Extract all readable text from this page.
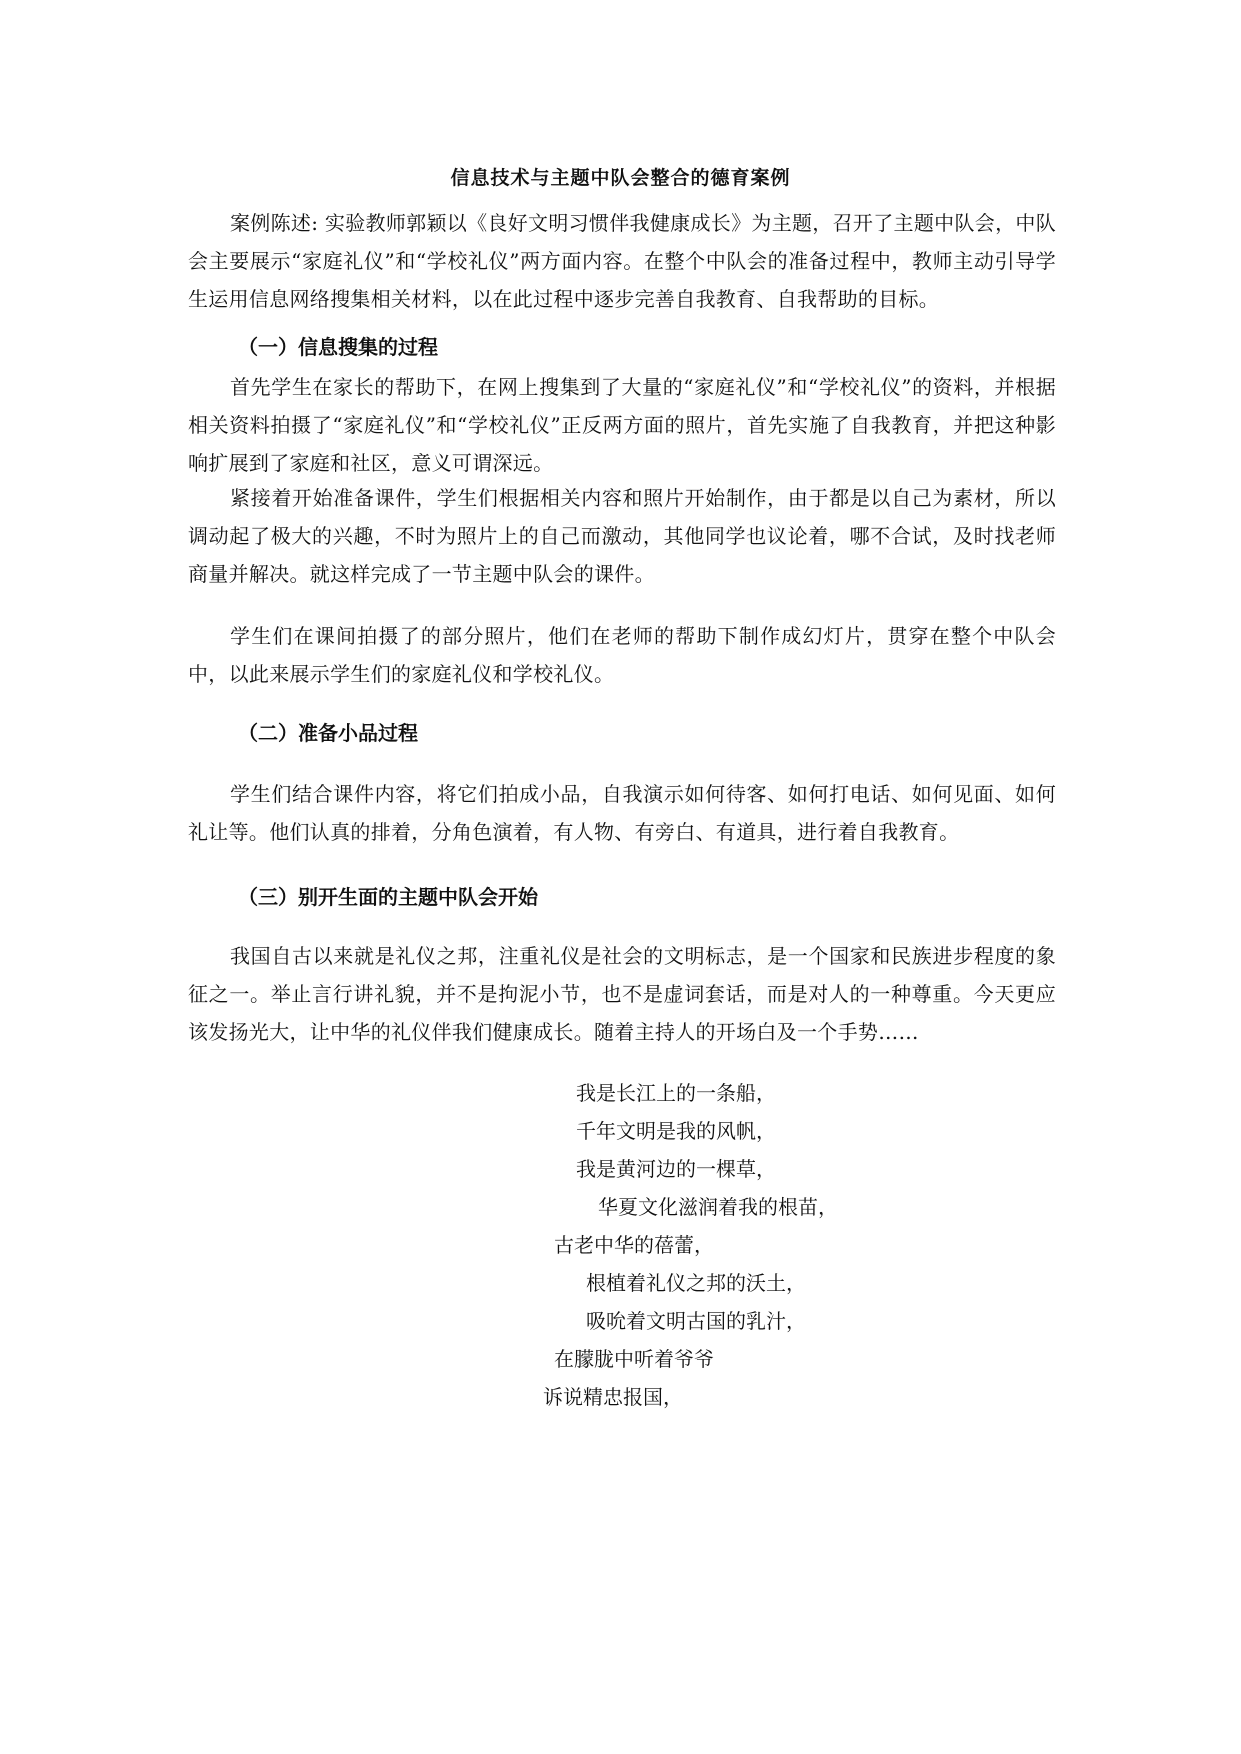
信息技术与主题中队会整合的德育案例
案例陈述: 实验教师郭颖以《良好文明习惯伴我健康成长》为主题，召开了主题中队会，中队会主要展示“家庭礼仪”和“学校礼仪”两方面内容。在整个中队会的准备过程中，教师主动引导学生运用信息网络搜集相关材料，以在此过程中逐步完善自我教育、自我帮助的目标。
（一）信息搜集的过程
首先学生在家长的帮助下，在网上搜集到了大量的“家庭礼仪”和“学校礼仪”的资料，并根据相关资料拍摄了“家庭礼仪”和“学校礼仪”正反两方面的照片，首先实施了自我教育，并把这种影响扩展到了家庭和社区，意义可谓深远。
紧接着开始准备课件，学生们根据相关内容和照片开始制作，由于都是以自己为素材，所以调动起了极大的兴趣，不时为照片上的自己而激动，其他同学也议论着，哪不合试，及时找老师商量并解决。就这样完成了一节主题中队会的课件。
学生们在课间拍摄了的部分照片，他们在老师的帮助下制作成幻灯片，贯穿在整个中队会中，以此来展示学生们的家庭礼仪和学校礼仪。
（二）准备小品过程
学生们结合课件内容，将它们拍成小品，自我演示如何待客、如何打电话、如何见面、如何礼让等。他们认真的排着，分角色演着，有人物、有旁白、有道具，进行着自我教育。
（三）别开生面的主题中队会开始
我国自古以来就是礼仪之邦，注重礼仪是社会的文明标志，是一个国家和民族进步程度的象征之一。举止言行讲礼貌，并不是拘泥小节，也不是虚词套话，而是对人的一种尊重。今天更应该发扬光大，让中华的礼仪伴我们健康成长。随着主持人的开场白及一个手势……
我是长江上的一条船，
千年文明是我的风帆，
我是黄河边的一棵草，
华夏文化滋润着我的根苗，
古老中华的蓓蕾，
根植着礼仪之邦的沃土，
吸吮着文明古国的乳汁，
在朦胧中听着爷爷
诉说精忠报国，
